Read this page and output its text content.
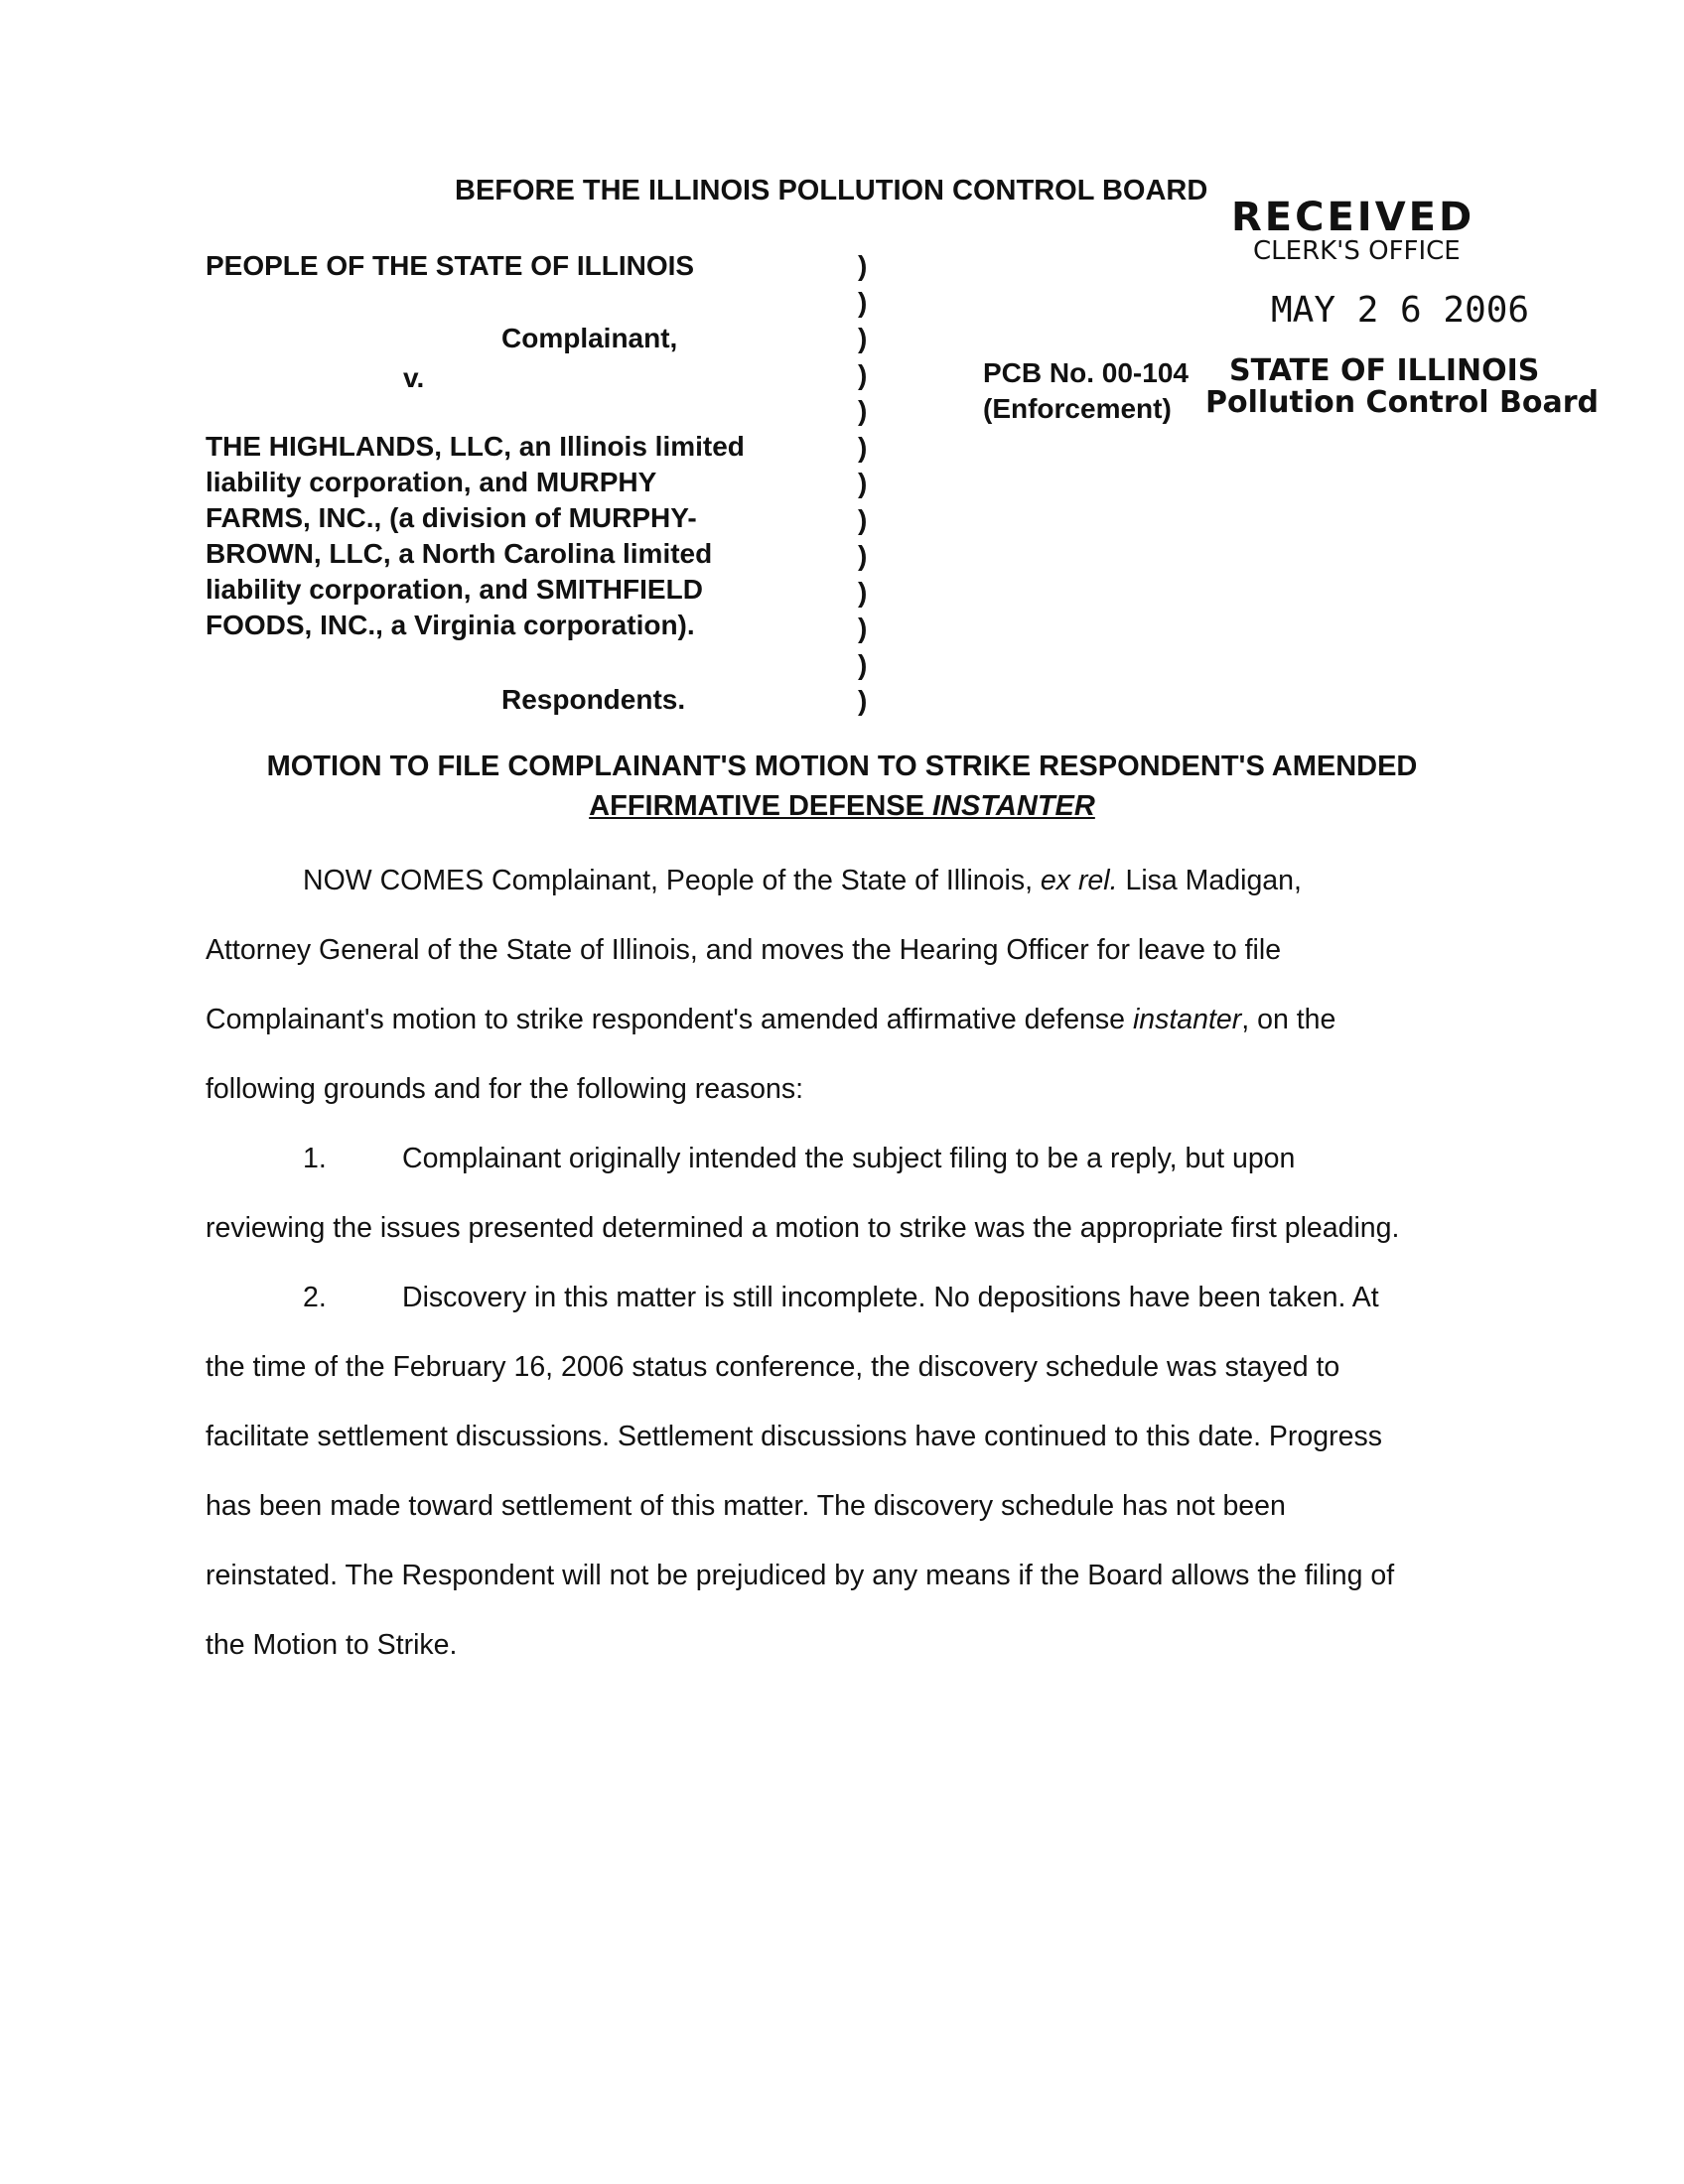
BEFORE THE ILLINOIS POLLUTION CONTROL BOARD
RECEIVED
CLERK'S OFFICE
MAY 2 6 2006
STATE OF ILLINOIS
Pollution Control Board
PEOPLE OF THE STATE OF ILLINOIS
Complainant,
v.
THE HIGHLANDS, LLC, an Illinois limited
liability corporation, and MURPHY
FARMS, INC., (a division of MURPHY-
BROWN, LLC, a North Carolina limited
liability corporation, and SMITHFIELD
FOODS, INC., a Virginia corporation).
Respondents.
)
)
)
)
)
)
)
)
)
)
)
)
)
PCB No. 00-104
(Enforcement)
MOTION TO FILE COMPLAINANT'S MOTION TO STRIKE RESPONDENT'S AMENDED
AFFIRMATIVE DEFENSE INSTANTER
NOW COMES Complainant, People of the State of Illinois, ex rel. Lisa Madigan,
Attorney General of the State of Illinois, and moves the Hearing Officer for leave to file
Complainant's motion to strike respondent's amended affirmative defense instanter, on the
following grounds and for the following reasons:
1.	Complainant originally intended the subject filing to be a reply, but upon
reviewing the issues presented determined a motion to strike was the appropriate first pleading.
2.	Discovery in this matter is still incomplete. No depositions have been taken. At
the time of the February 16, 2006 status conference, the discovery schedule was stayed to
facilitate settlement discussions. Settlement discussions have continued to this date. Progress
has been made toward settlement of this matter. The discovery schedule has not been
reinstated. The Respondent will not be prejudiced by any means if the Board allows the filing of
the Motion to Strike.
